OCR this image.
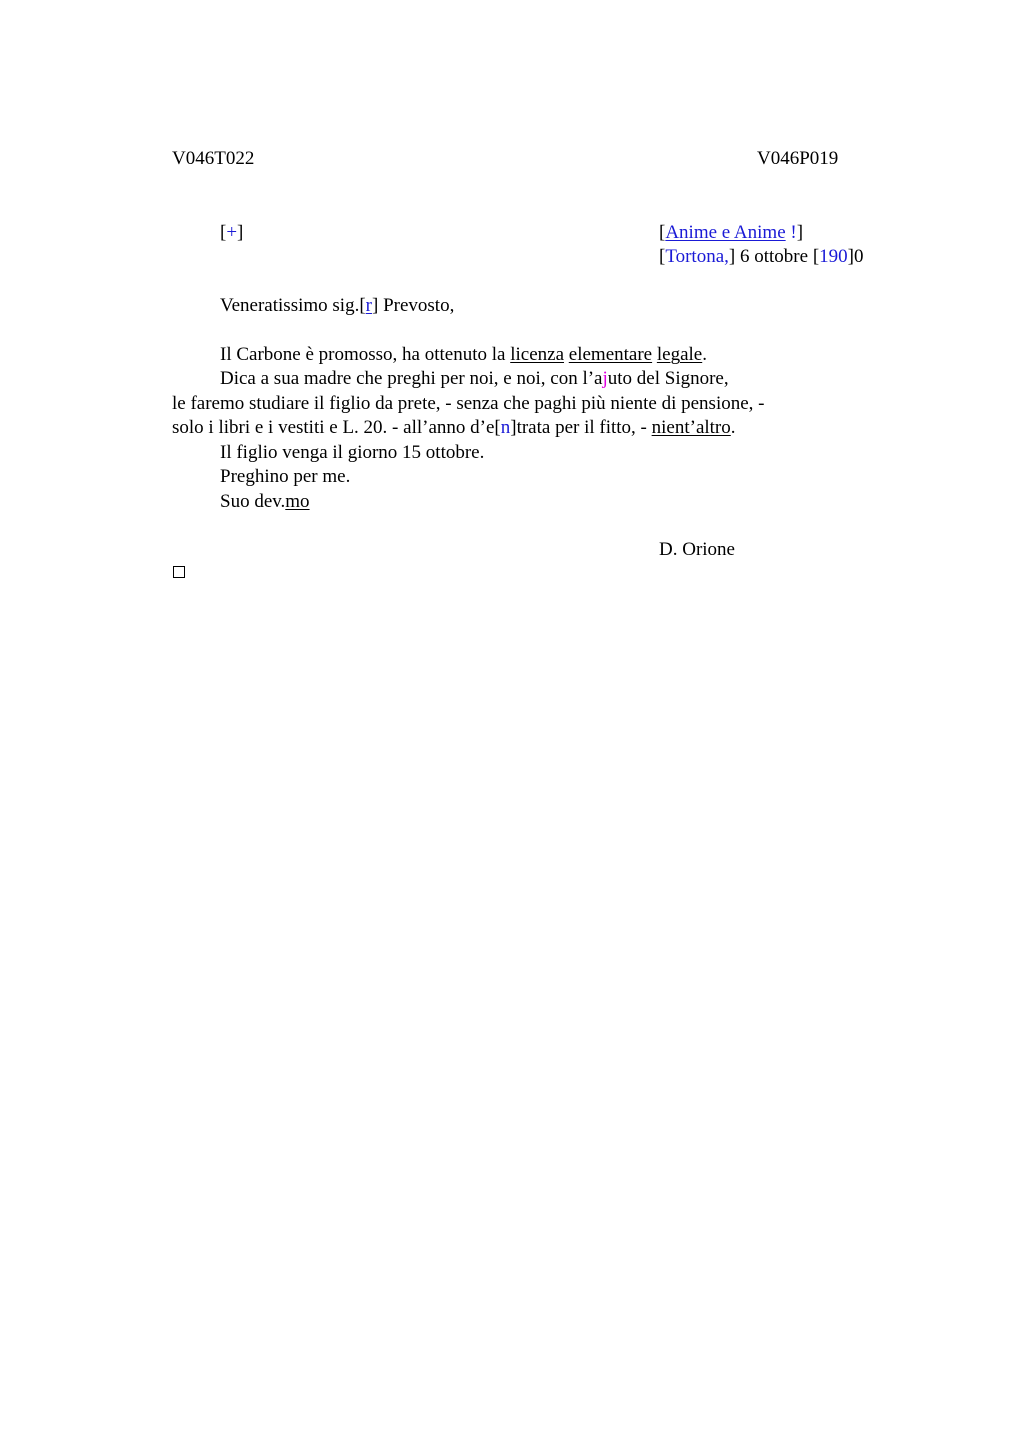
V046T022	V046P019
[+]	[Anime e Anime !]
[Tortona,] 6 ottobre [190]0
Veneratissimo sig.[r] Prevosto,
Il Carbone è promosso, ha ottenuto la licenza elementare legale.
Dica a sua madre che preghi per noi, e noi, con l’ajuto del Signore,
le faremo studiare il figlio da prete, - senza che paghi più niente di pensione, -
solo i libri e i vestiti e L. 20. - all’anno d’e[n]trata per il fitto, - nient’altro.
Il figlio venga il giorno 15 ottobre.
Preghino per me.
Suo dev.mo
D. Orione
